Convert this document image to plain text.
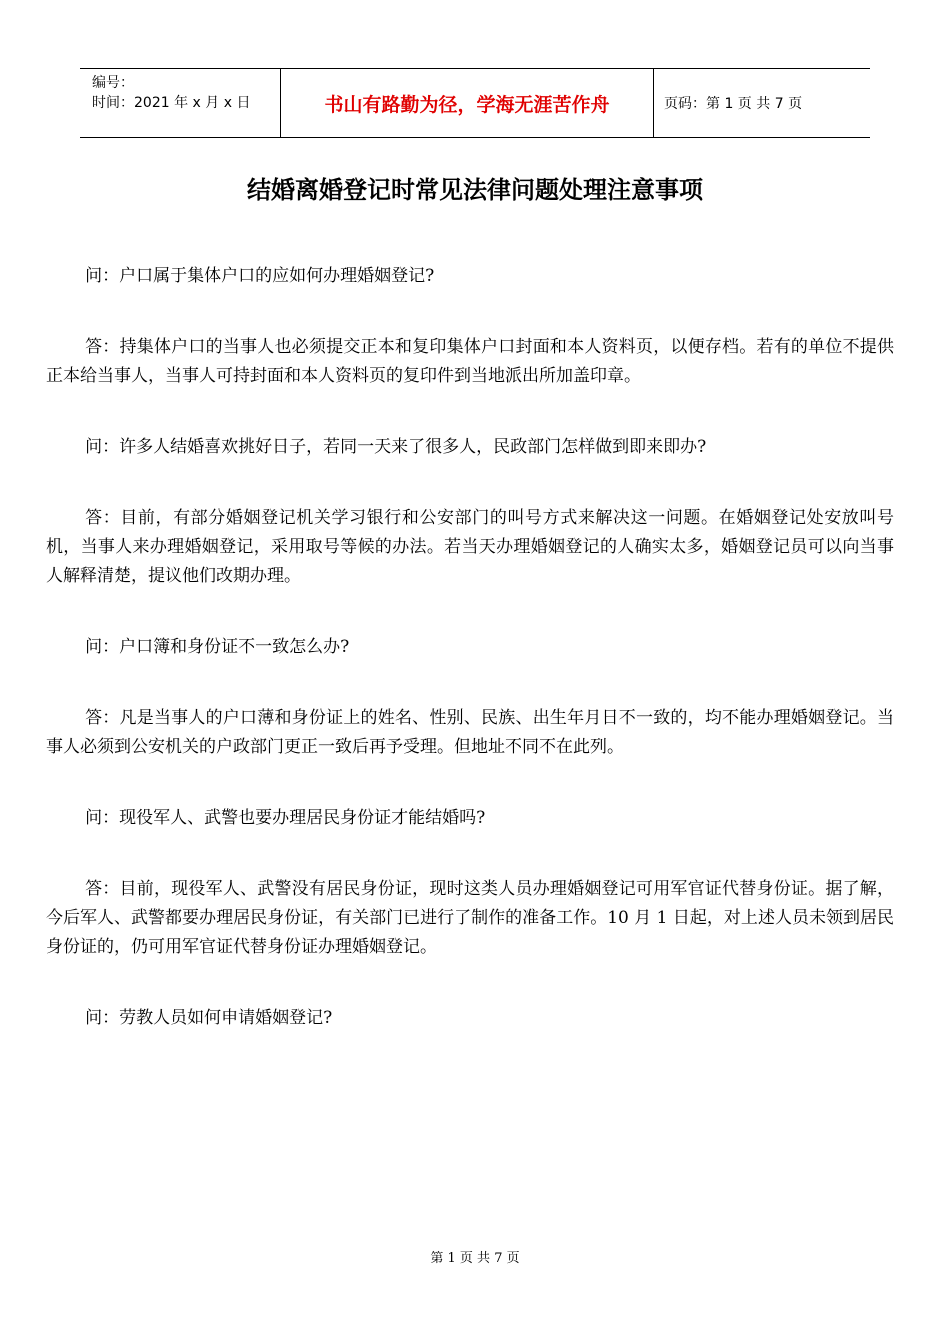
编号：
时间：2021 年 x 月 x 日	书山有路勤为径，学海无涯苦作舟	页码：第 1 页 共 7 页
结婚离婚登记时常见法律问题处理注意事项

问：户口属于集体户口的应如何办理婚姻登记?

答：持集体户口的当事人也必须提交正本和复印集体户口封面和本人资料页，以便存档。若有的单位不提供正本给当事人，当事人可持封面和本人资料页的复印件到当地派出所加盖印章。

问：许多人结婚喜欢挑好日子，若同一天来了很多人，民政部门怎样做到即来即办?

答：目前，有部分婚姻登记机关学习银行和公安部门的叫号方式来解决这一问题。在婚姻登记处安放叫号机，当事人来办理婚姻登记，采用取号等候的办法。若当天办理婚姻登记的人确实太多，婚姻登记员可以向当事人解释清楚，提议他们改期办理。

问：户口簿和身份证不一致怎么办?

答：凡是当事人的户口薄和身份证上的姓名、性别、民族、出生年月日不一致的，均不能办理婚姻登记。当事人必须到公安机关的户政部门更正一致后再予受理。但地址不同不在此列。

问：现役军人、武警也要办理居民身份证才能结婚吗?

答：目前，现役军人、武警没有居民身份证，现时这类人员办理婚姻登记可用军官证代替身份证。据了解，今后军人、武警都要办理居民身份证，有关部门已进行了制作的准备工作。10 月 1 日起，对上述人员未领到居民身份证的，仍可用军官证代替身份证办理婚姻登记。

问：劳教人员如何申请婚姻登记?

第 1 页 共 7 页
